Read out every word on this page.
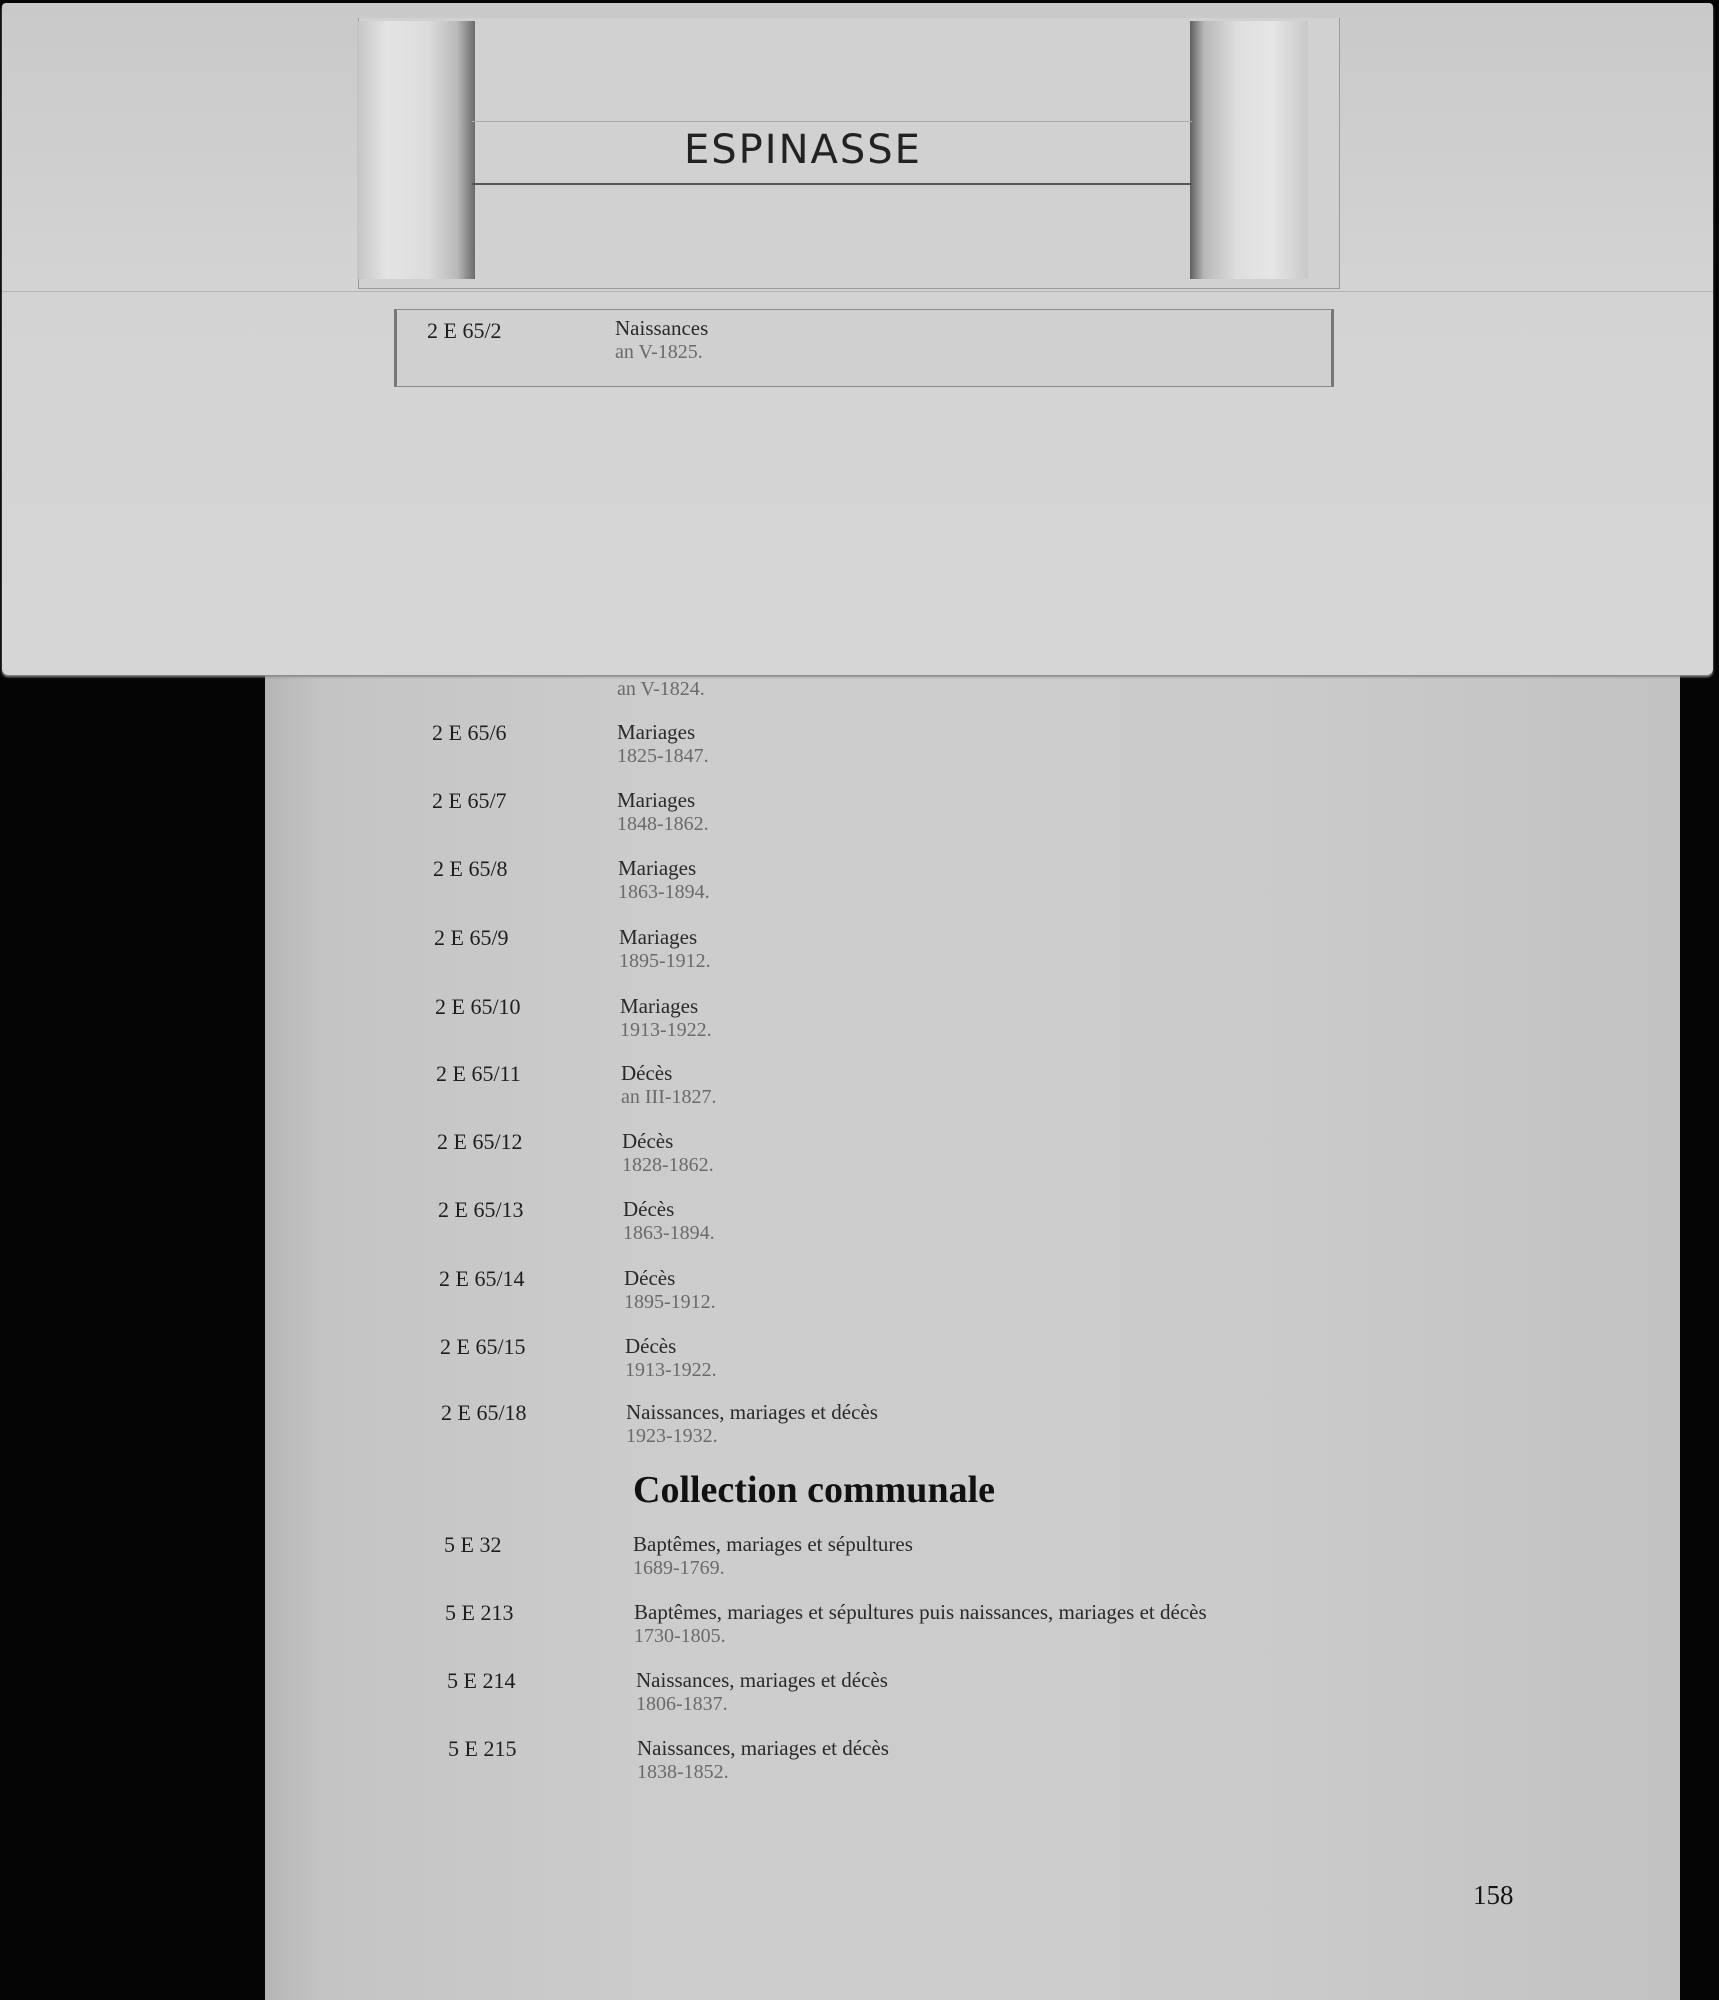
an V-1824.
2 E 65/6	Mariages
1825-1847.
2 E 65/7	Mariages
1848-1862.
2 E 65/8	Mariages
1863-1894.
2 E 65/9	Mariages
1895-1912.
2 E 65/10	Mariages
1913-1922.
2 E 65/11	Décès
an III-1827.
2 E 65/12	Décès
1828-1862.
2 E 65/13	Décès
1863-1894.
2 E 65/14	Décès
1895-1912.
2 E 65/15	Décès
1913-1922.
2 E 65/18	Naissances, mariages et décès
1923-1932.
Collection communale
5 E 32	Baptêmes, mariages et sépultures
1689-1769.
5 E 213	Baptêmes, mariages et sépultures puis naissances, mariages et décès
1730-1805.
5 E 214	Naissances, mariages et décès
1806-1837.
5 E 215	Naissances, mariages et décès
1838-1852.
158
ESPINASSE
2 E 65/2	Naissances
an V-1825.
